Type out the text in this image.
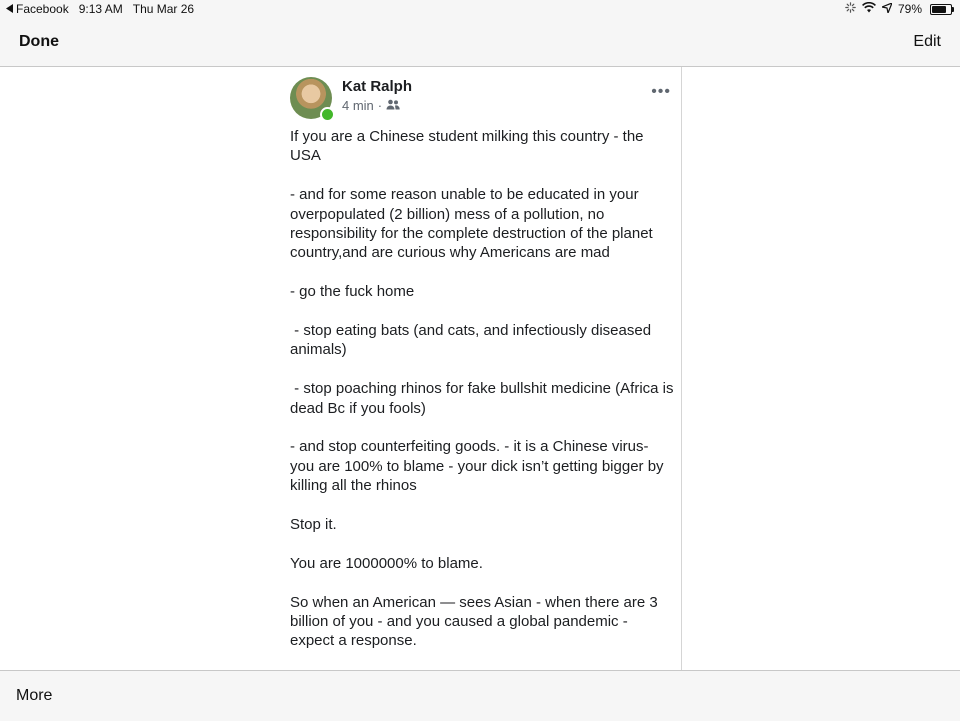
Facebook 9:13 AM Thu Mar 26	79%
Done	Edit
Kat Ralph
4 min ·
•••

If you are a Chinese student milking this country - the USA

- and for some reason unable to be educated in your overpopulated (2 billion) mess of a pollution, no responsibility for the complete destruction of the planet country,and are curious why Americans are mad

- go the fuck home

- stop eating bats (and cats, and infectiously diseased animals)

- stop poaching rhinos for fake bullshit medicine (Africa is dead Bc if you fools)

- and stop counterfeiting goods. - it is a Chinese virus- you are 100% to blame - your dick isn’t getting bigger by killing all the rhinos

Stop it.

You are 1000000% to blame.

So when an American — sees Asian - when there are 3 billion of you - and you caused a global pandemic - expect a response.

More
